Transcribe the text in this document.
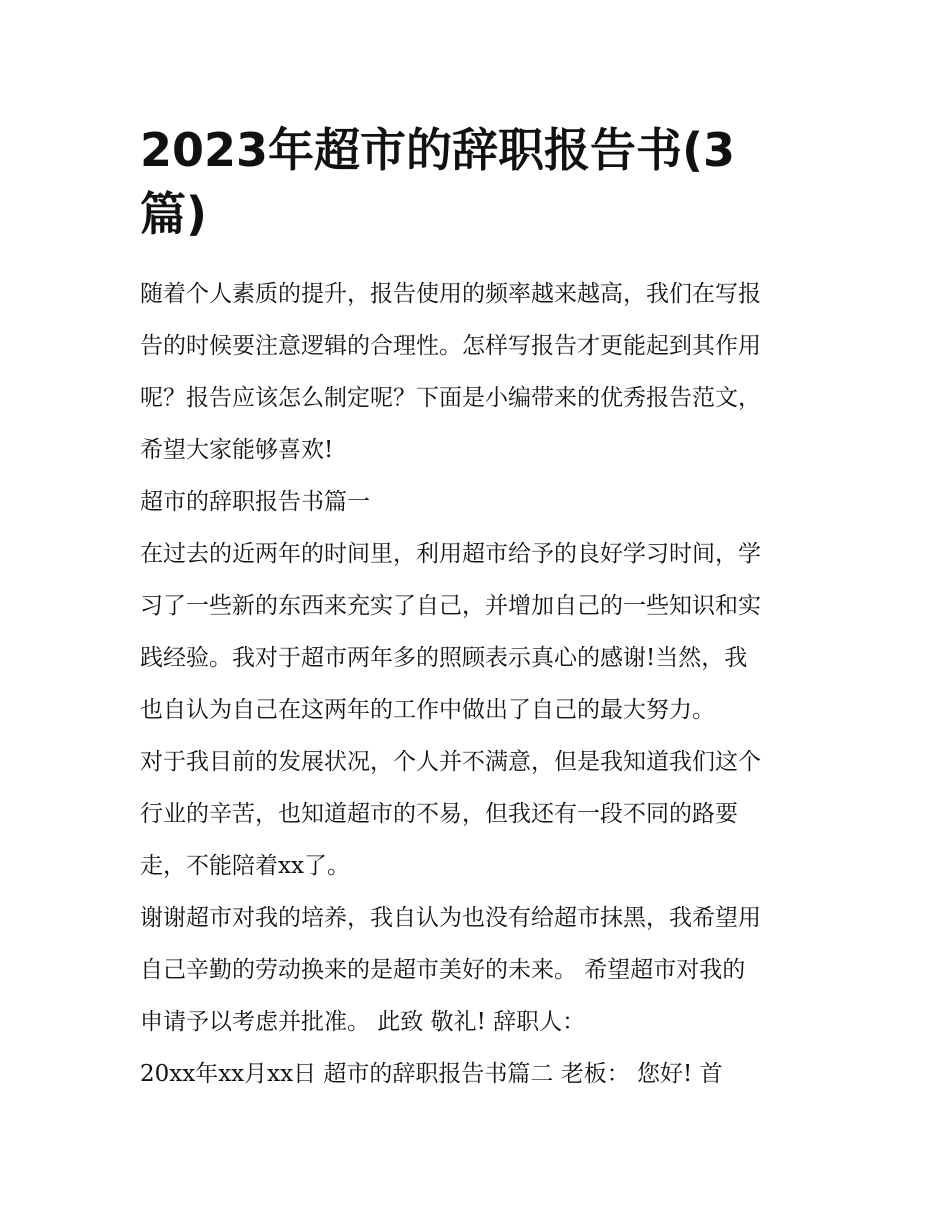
2023年超市的辞职报告书(3
篇)

随着个人素质的提升，报告使用的频率越来越高，我们在写报
告的时候要注意逻辑的合理性。怎样写报告才更能起到其作用
呢？报告应该怎么制定呢？下面是小编带来的优秀报告范文，
希望大家能够喜欢!

超市的辞职报告书篇一

在过去的近两年的时间里，利用超市给予的良好学习时间，学
习了一些新的东西来充实了自己，并增加自己的一些知识和实
践经验。我对于超市两年多的照顾表示真心的感谢!当然，我
也自认为自己在这两年的工作中做出了自己的最大努力。

对于我目前的发展状况，个人并不满意，但是我知道我们这个
行业的辛苦，也知道超市的不易，但我还有一段不同的路要
走，不能陪着xx了。

谢谢超市对我的培养，我自认为也没有给超市抹黑，我希望用
自己辛勤的劳动换来的是超市美好的未来。 希望超市对我的
申请予以考虑并批准。 此致 敬礼! 辞职人：

20xx年xx月xx日 超市的辞职报告书篇二 老板： 您好! 首
